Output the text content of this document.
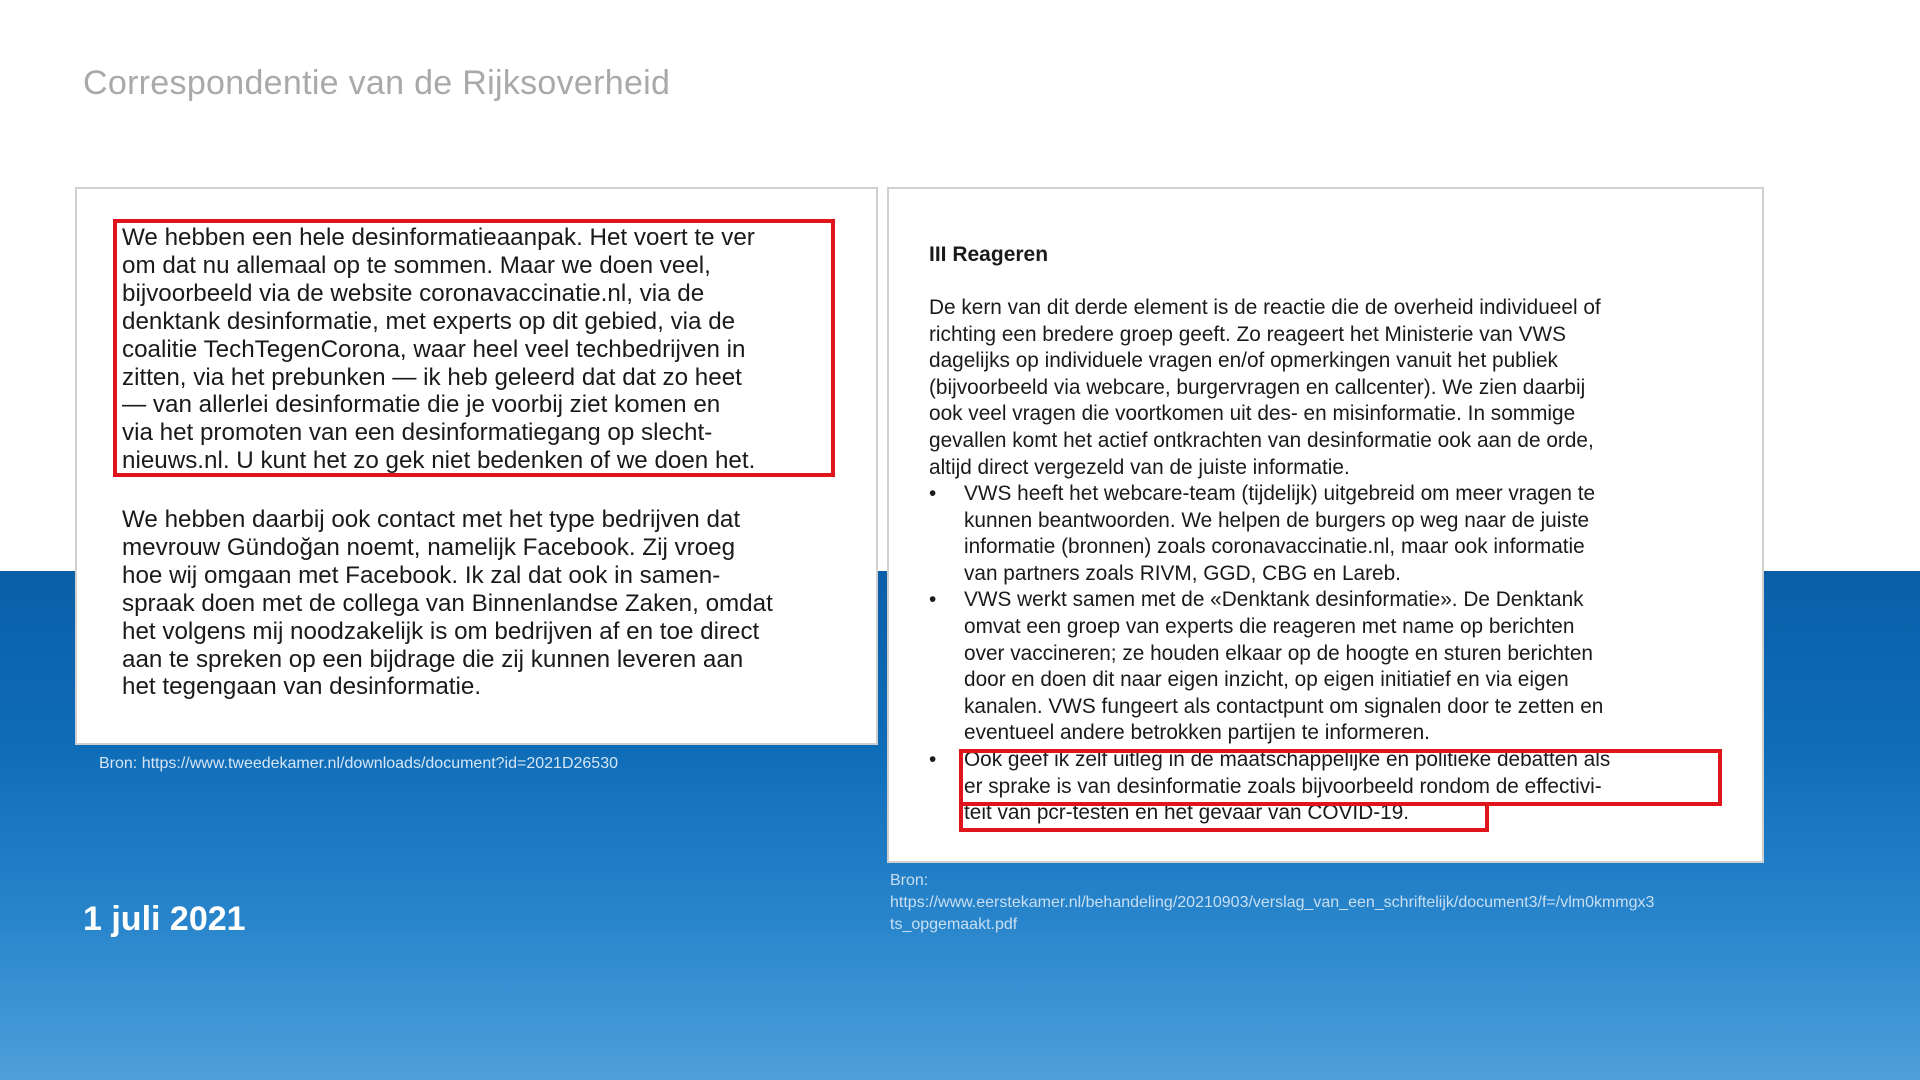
Correspondentie van de Rijksoverheid

We hebben een hele desinformatieaanpak. Het voert te ver

om dat nu allemaal op te sommen. Maar we doen veel,

bijvoorbeeld via de website coronavaccinatie.nl, via de

denktank desinformatie, met experts op dit gebied, via de

coalitie TechTegenCorona, waar heel veel techbedrijven in

zitten, via het prebunken — ik heb geleerd dat dat zo heet

— van allerlei desinformatie die je voorbij ziet komen en

via het promoten van een desinformatiegang op slecht-

nieuws.nl. U kunt het zo gek niet bedenken of we doen het.

We hebben daarbij ook contact met het type bedrijven dat

mevrouw Gündoğan noemt, namelijk Facebook. Zij vroeg

hoe wij omgaan met Facebook. Ik zal dat ook in samen-

spraak doen met de collega van Binnenlandse Zaken, omdat

het volgens mij noodzakelijk is om bedrijven af en toe direct

aan te spreken op een bijdrage die zij kunnen leveren aan

het tegengaan van desinformatie.

Bron: https://www.tweedekamer.nl/downloads/document?id=2021D26530
III Reageren

De kern van dit derde element is de reactie die de overheid individueel of

richting een bredere groep geeft. Zo reageert het Ministerie van VWS

dagelijks op individuele vragen en/of opmerkingen vanuit het publiek

(bijvoorbeeld via webcare, burgervragen en callcenter). We zien daarbij

ook veel vragen die voortkomen uit des- en misinformatie. In sommige

gevallen komt het actief ontkrachten van desinformatie ook aan de orde,

altijd direct vergezeld van de juiste informatie.

• VWS heeft het webcare-team (tijdelijk) uitgebreid om meer vragen te

kunnen beantwoorden. We helpen de burgers op weg naar de juiste

informatie (bronnen) zoals coronavaccinatie.nl, maar ook informatie

van partners zoals RIVM, GGD, CBG en Lareb.

• VWS werkt samen met de «Denktank desinformatie». De Denktank

omvat een groep van experts die reageren met name op berichten

over vaccineren; ze houden elkaar op de hoogte en sturen berichten

door en doen dit naar eigen inzicht, op eigen initiatief en via eigen

kanalen. VWS fungeert als contactpunt om signalen door te zetten en

eventueel andere betrokken partijen te informeren.

• Ook geef ik zelf uitleg in de maatschappelijke en politieke debatten als

er sprake is van desinformatie zoals bijvoorbeeld rondom de effectivi-

teit van pcr-testen en het gevaar van COVID-19.

Bron:
https://www.eerstekamer.nl/behandeling/20210903/verslag_van_een_schriftelijk/document3/f=/vlm0kmmgx3
ts_opgemaakt.pdf
1 juli 2021
